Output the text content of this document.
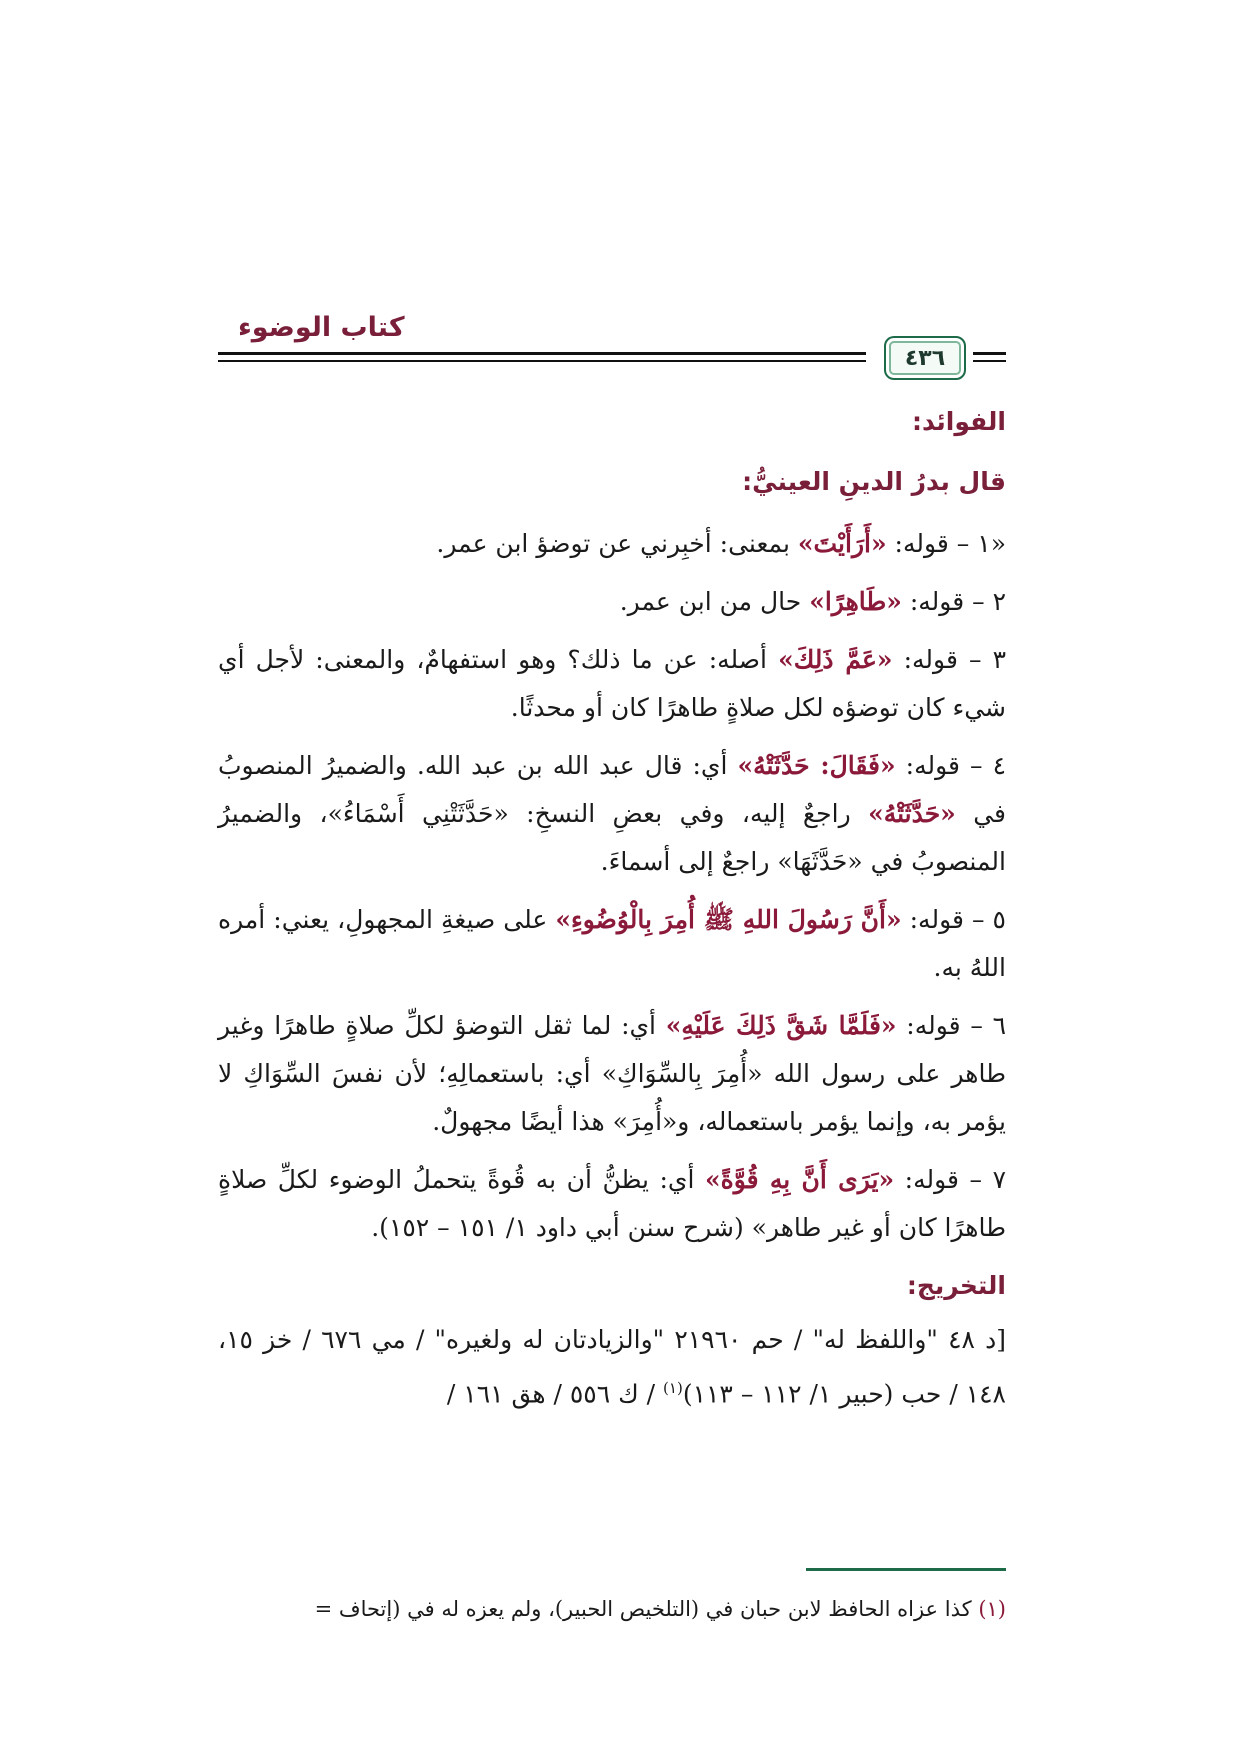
كتاب الوضوء
٤٣٦
الفوائد:
قال بدرُ الدينِ العينيُّ:

«١ – قوله: «أَرَأَيْتَ» بمعنى: أخبِرني عن توضؤ ابن عمر.

٢ – قوله: «طَاهِرًا» حال من ابن عمر.

٣ – قوله: «عَمَّ ذَلِكَ» أصله: عن ما ذلك؟ وهو استفهامٌ، والمعنى: لأجل أي شيء كان توضؤه لكل صلاةٍ طاهرًا كان أو محدثًا.

٤ – قوله: «فَقَالَ: حَدَّثَتْهُ» أي: قال عبد الله بن عبد الله. والضميرُ المنصوبُ في «حَدَّثَتْهُ» راجعٌ إليه، وفي بعضِ النسخِ: «حَدَّثَتْنِي أَسْمَاءُ»، والضميرُ المنصوبُ في «حَدَّثَهَا» راجعٌ إلى أسماءَ.

٥ – قوله: «أَنَّ رَسُولَ اللهِ ﷺ أُمِرَ بِالْوُضُوءِ» على صيغةِ المجهولِ، يعني: أمره اللهُ به.

٦ – قوله: «فَلَمَّا شَقَّ ذَلِكَ عَلَيْهِ» أي: لما ثقل التوضؤ لكلِّ صلاةٍ طاهرًا وغير طاهر على رسول الله «أُمِرَ بِالسِّوَاكِ» أي: باستعمالِهِ؛ لأن نفسَ السِّوَاكِ لا يؤمر به، وإنما يؤمر باستعماله، و«أُمِرَ» هذا أيضًا مجهولٌ.

٧ – قوله: «يَرَى أَنَّ بِهِ قُوَّةً» أي: يظنُّ أن به قُوةً يتحملُ الوضوء لكلِّ صلاةٍ طاهرًا كان أو غير طاهر» (شرح سنن أبي داود ١/ ١٥١ – ١٥٢).

التخريج:

[د ٤٨ "واللفظ له" / حم ٢١٩٦٠ "والزيادتان له ولغيره" / مي ٦٧٦ / خز ١٥، ١٤٨ / حب (حبير ١/ ١١٢ – ١١٣)$^{(١)}$ / ك ٥٥٦ / هق ١٦١ /

(١) كذا عزاه الحافظ لابن حبان في (التلخيص الحبير)، ولم يعزه له في (إتحاف =
